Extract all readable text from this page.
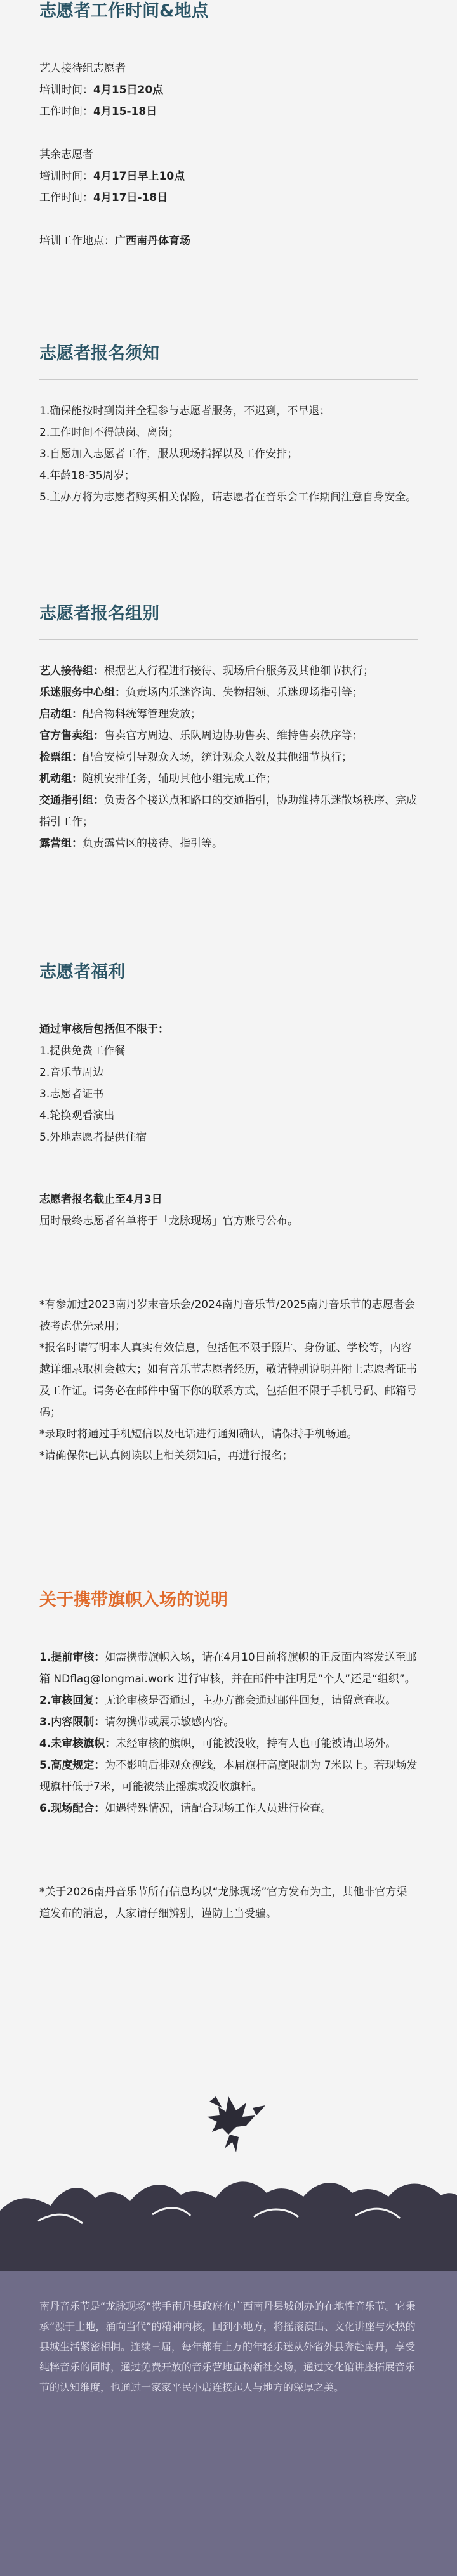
志愿者工作时间&地点

艺人接待组志愿者

培训时间：4月15日20点

工作时间：4月15-18日

其余志愿者

培训时间：4月17日早上10点

工作时间：4月17日-18日

培训工作地点：广西南丹体育场

志愿者报名须知

1.确保能按时到岗并全程参与志愿者服务，不迟到，不早退；

2.工作时间不得缺岗、离岗；

3.自愿加入志愿者工作，服从现场指挥以及工作安排；

4.年龄18-35周岁；

5.主办方将为志愿者购买相关保险，请志愿者在音乐会工作期间注意自身安全。

志愿者报名组别

艺人接待组：根据艺人行程进行接待、现场后台服务及其他细节执行；

乐迷服务中心组：负责场内乐迷咨询、失物招领、乐迷现场指引等；

启动组：配合物料统筹管理发放；

官方售卖组：售卖官方周边、乐队周边协助售卖、维持售卖秩序等；

检票组：配合安检引导观众入场，统计观众人数及其他细节执行；

机动组：随机安排任务，辅助其他小组完成工作；

交通指引组：负责各个接送点和路口的交通指引，协助维持乐迷散场秩序、完成指引工作；

露营组：负责露营区的接待、指引等。

志愿者福利

通过审核后包括但不限于：

1.提供免费工作餐

2.音乐节周边

3.志愿者证书

4.轮换观看演出

5.外地志愿者提供住宿

志愿者报名截止至4月3日

届时最终志愿者名单将于「龙脉现场」官方账号公布。

*有参加过2023南丹岁末音乐会/2024南丹音乐节/2025南丹音乐节的志愿者会被考虑优先录用；

*报名时请写明本人真实有效信息，包括但不限于照片、身份证、学校等，内容越详细录取机会越大；如有音乐节志愿者经历，敬请特别说明并附上志愿者证书及工作证。请务必在邮件中留下你的联系方式，包括但不限于手机号码、邮箱号码；

*录取时将通过手机短信以及电话进行通知确认，请保持手机畅通。

*请确保你已认真阅读以上相关须知后，再进行报名；

关于携带旗帜入场的说明

1.提前审核：如需携带旗帜入场，请在4月10日前将旗帜的正反面内容发送至邮箱 NDflag@longmai.work 进行审核，并在邮件中注明是“个人”还是“组织”。

2.审核回复：无论审核是否通过，主办方都会通过邮件回复，请留意查收。

3.内容限制：请勿携带或展示敏感内容。

4.未审核旗帜：未经审核的旗帜，可能被没收，持有人也可能被请出场外。

5.高度规定：为不影响后排观众视线，本届旗杆高度限制为 7米以上。若现场发现旗杆低于7米，可能被禁止摇旗或没收旗杆。

6.现场配合：如遇特殊情况，请配合现场工作人员进行检查。

*关于2026南丹音乐节所有信息均以“龙脉现场”官方发布为主，其他非官方渠道发布的消息，大家请仔细辨别，谨防上当受骗。

南丹音乐节是“龙脉现场”携手南丹县政府在广西南丹县城创办的在地性音乐节。它秉承“源于土地，涌向当代”的精神内核，回到小地方，将摇滚演出、文化讲座与火热的县城生活紧密相拥。连续三届，每年都有上万的年轻乐迷从外省外县奔赴南丹，享受纯粹音乐的同时，通过免费开放的音乐营地重构新社交场，通过文化馆讲座拓展音乐节的认知维度，也通过一家家平民小店连接起人与地方的深厚之美。
